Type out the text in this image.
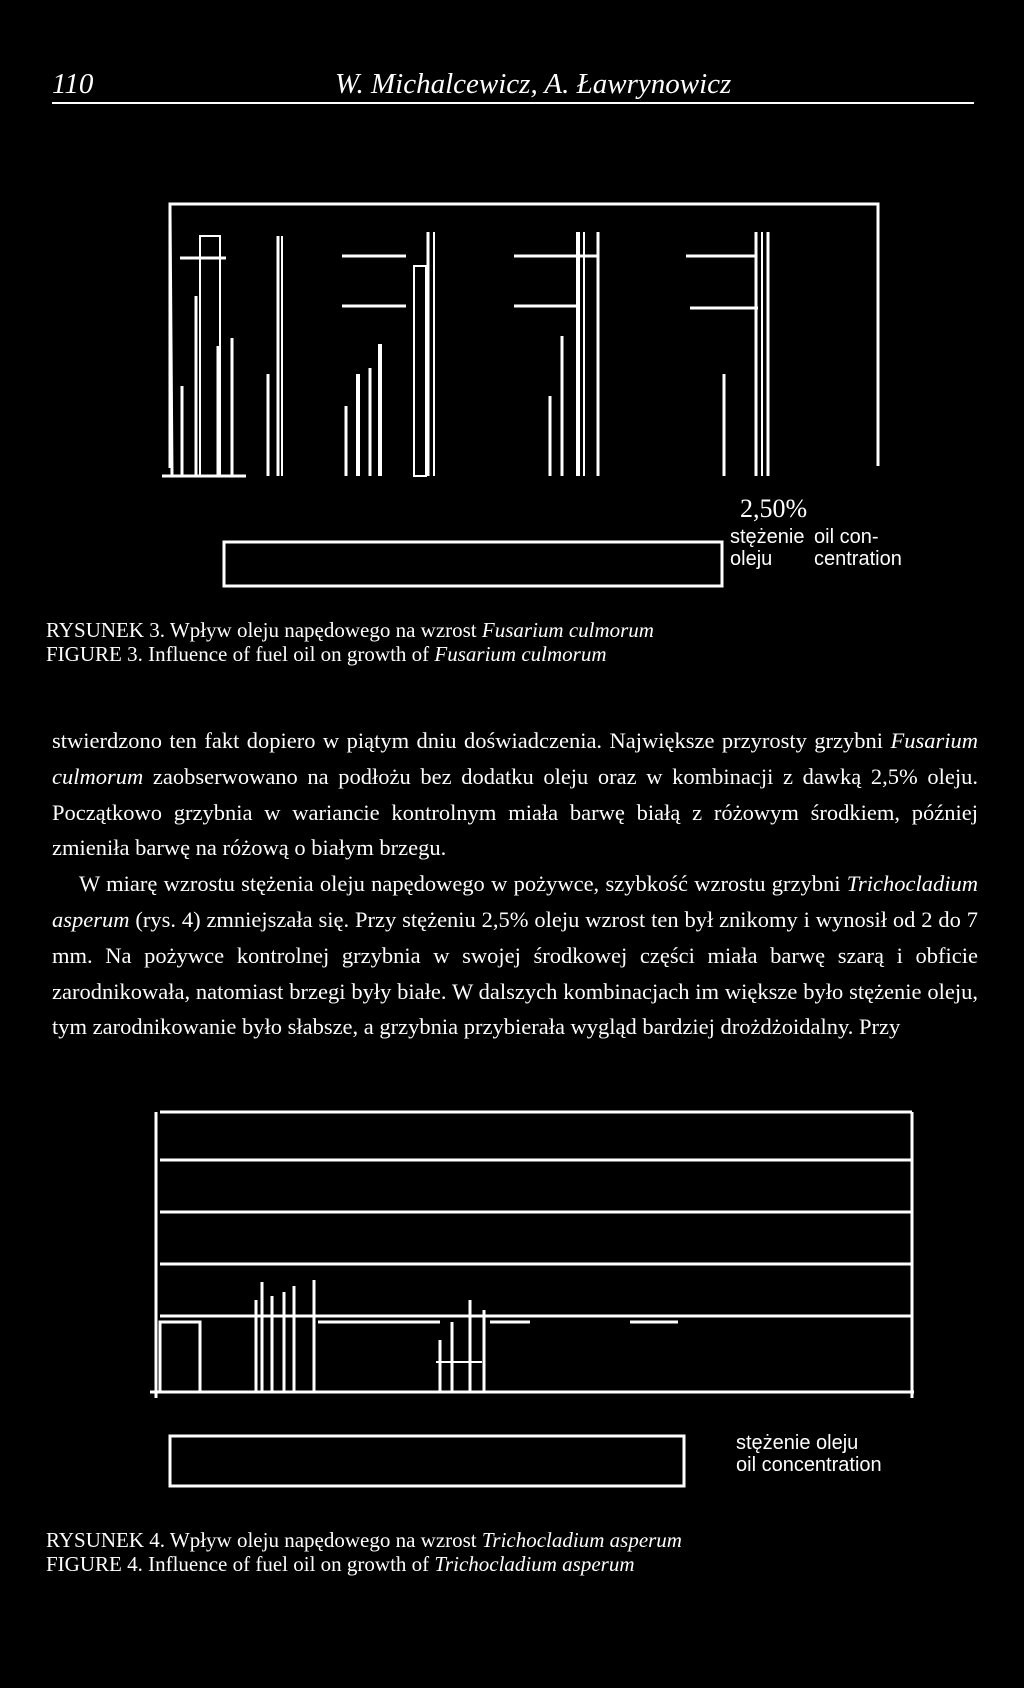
110	W. Michalcewicz, A. Ławrynowicz
2,50%
stężenie
oleju
oil con-
centration
RYSUNEK 3. Wpływ oleju napędowego na wzrost Fusarium culmorum
FIGURE 3. Influence of fuel oil on growth of Fusarium culmorum

stwierdzono ten fakt dopiero w piątym dniu doświadczenia. Największe przyrosty grzybni Fusarium culmorum zaobserwowano na podłożu bez dodatku oleju oraz w kombinacji z dawką 2,5% oleju. Początkowo grzybnia w wariancie kontrolnym miała barwę białą z różowym środkiem, później zmieniła barwę na różową o białym brzegu.

W miarę wzrostu stężenia oleju napędowego w pożywce, szybkość wzrostu grzybni Trichocladium asperum (rys. 4) zmniejszała się. Przy stężeniu 2,5% oleju wzrost ten był znikomy i wynosił od 2 do 7 mm. Na pożywce kontrolnej grzybnia w swojej środkowej części miała barwę szarą i obficie zarodnikowała, natomiast brzegi były białe. W dalszych kombinacjach im większe było stężenie oleju, tym zarodnikowanie było słabsze, a grzybnia przybierała wygląd bardziej drożdżoidalny. Przy

stężenie oleju
oil concentration
RYSUNEK 4. Wpływ oleju napędowego na wzrost Trichocladium asperum
FIGURE 4. Influence of fuel oil on growth of Trichocladium asperum
